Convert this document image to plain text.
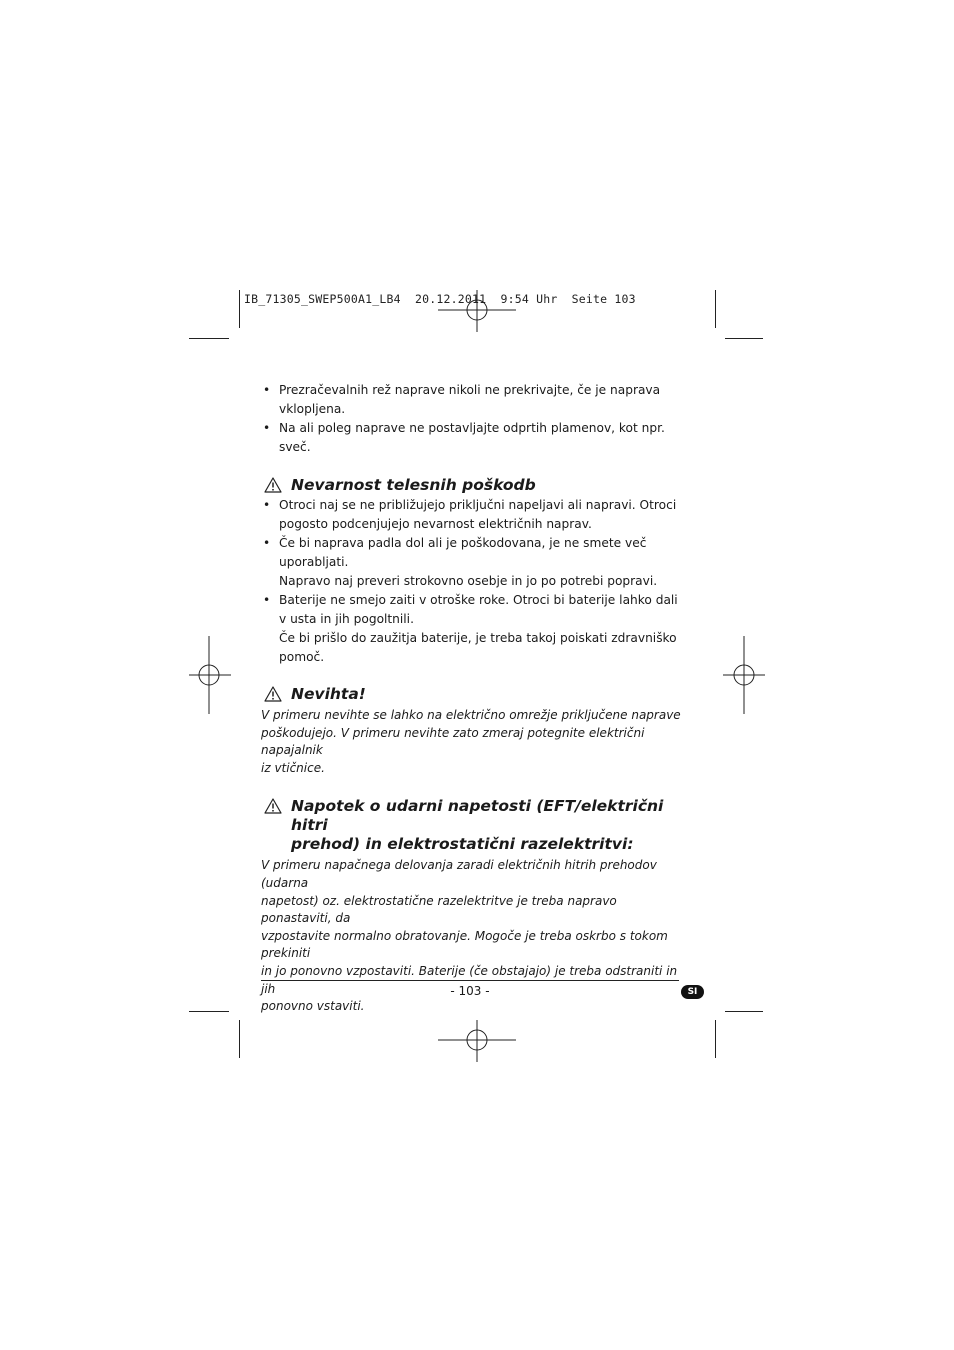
IB_71305_SWEP500A1_LB4  20.12.2011  9:54 Uhr  Seite 103
• Prezračevalnih rež naprave nikoli ne prekrivajte, če je naprava vklopljena.
• Na ali poleg naprave ne postavljajte odprtih plamenov, kot npr. sveč.
Nevarnost telesnih poškodb
• Otroci naj se ne približujejo priključni napeljavi ali napravi. Otroci
pogosto podcenjujejo nevarnost električnih naprav.
• Če bi naprava padla dol ali je poškodovana, je ne smete več uporabljati.
Napravo naj preveri strokovno osebje in jo po potrebi popravi.
• Baterije ne smejo zaiti v otroške roke. Otroci bi baterije lahko dali
v usta in jih pogoltnili.
Če bi prišlo do zaužitja baterije, je treba takoj poiskati zdravniško
pomoč.
Nevihta!

V primeru nevihte se lahko na električno omrežje priključene naprave
poškodujejo. V primeru nevihte zato zmeraj potegnite električni napajalnik
iz vtičnice.

Napotek o udarni napetosti (EFT/električni hitri
prehod) in elektrostatični razelektritvi:

V primeru napačnega delovanja zaradi električnih hitrih prehodov (udarna
napetost) oz. elektrostatične razelektritve je treba napravo ponastaviti, da
vzpostavite normalno obratovanje. Mogoče je treba oskrbo s tokom prekiniti
in jo ponovno vzpostaviti. Baterije (če obstajajo) je treba odstraniti in jih
ponovno vstaviti.

- 103 -	SI
